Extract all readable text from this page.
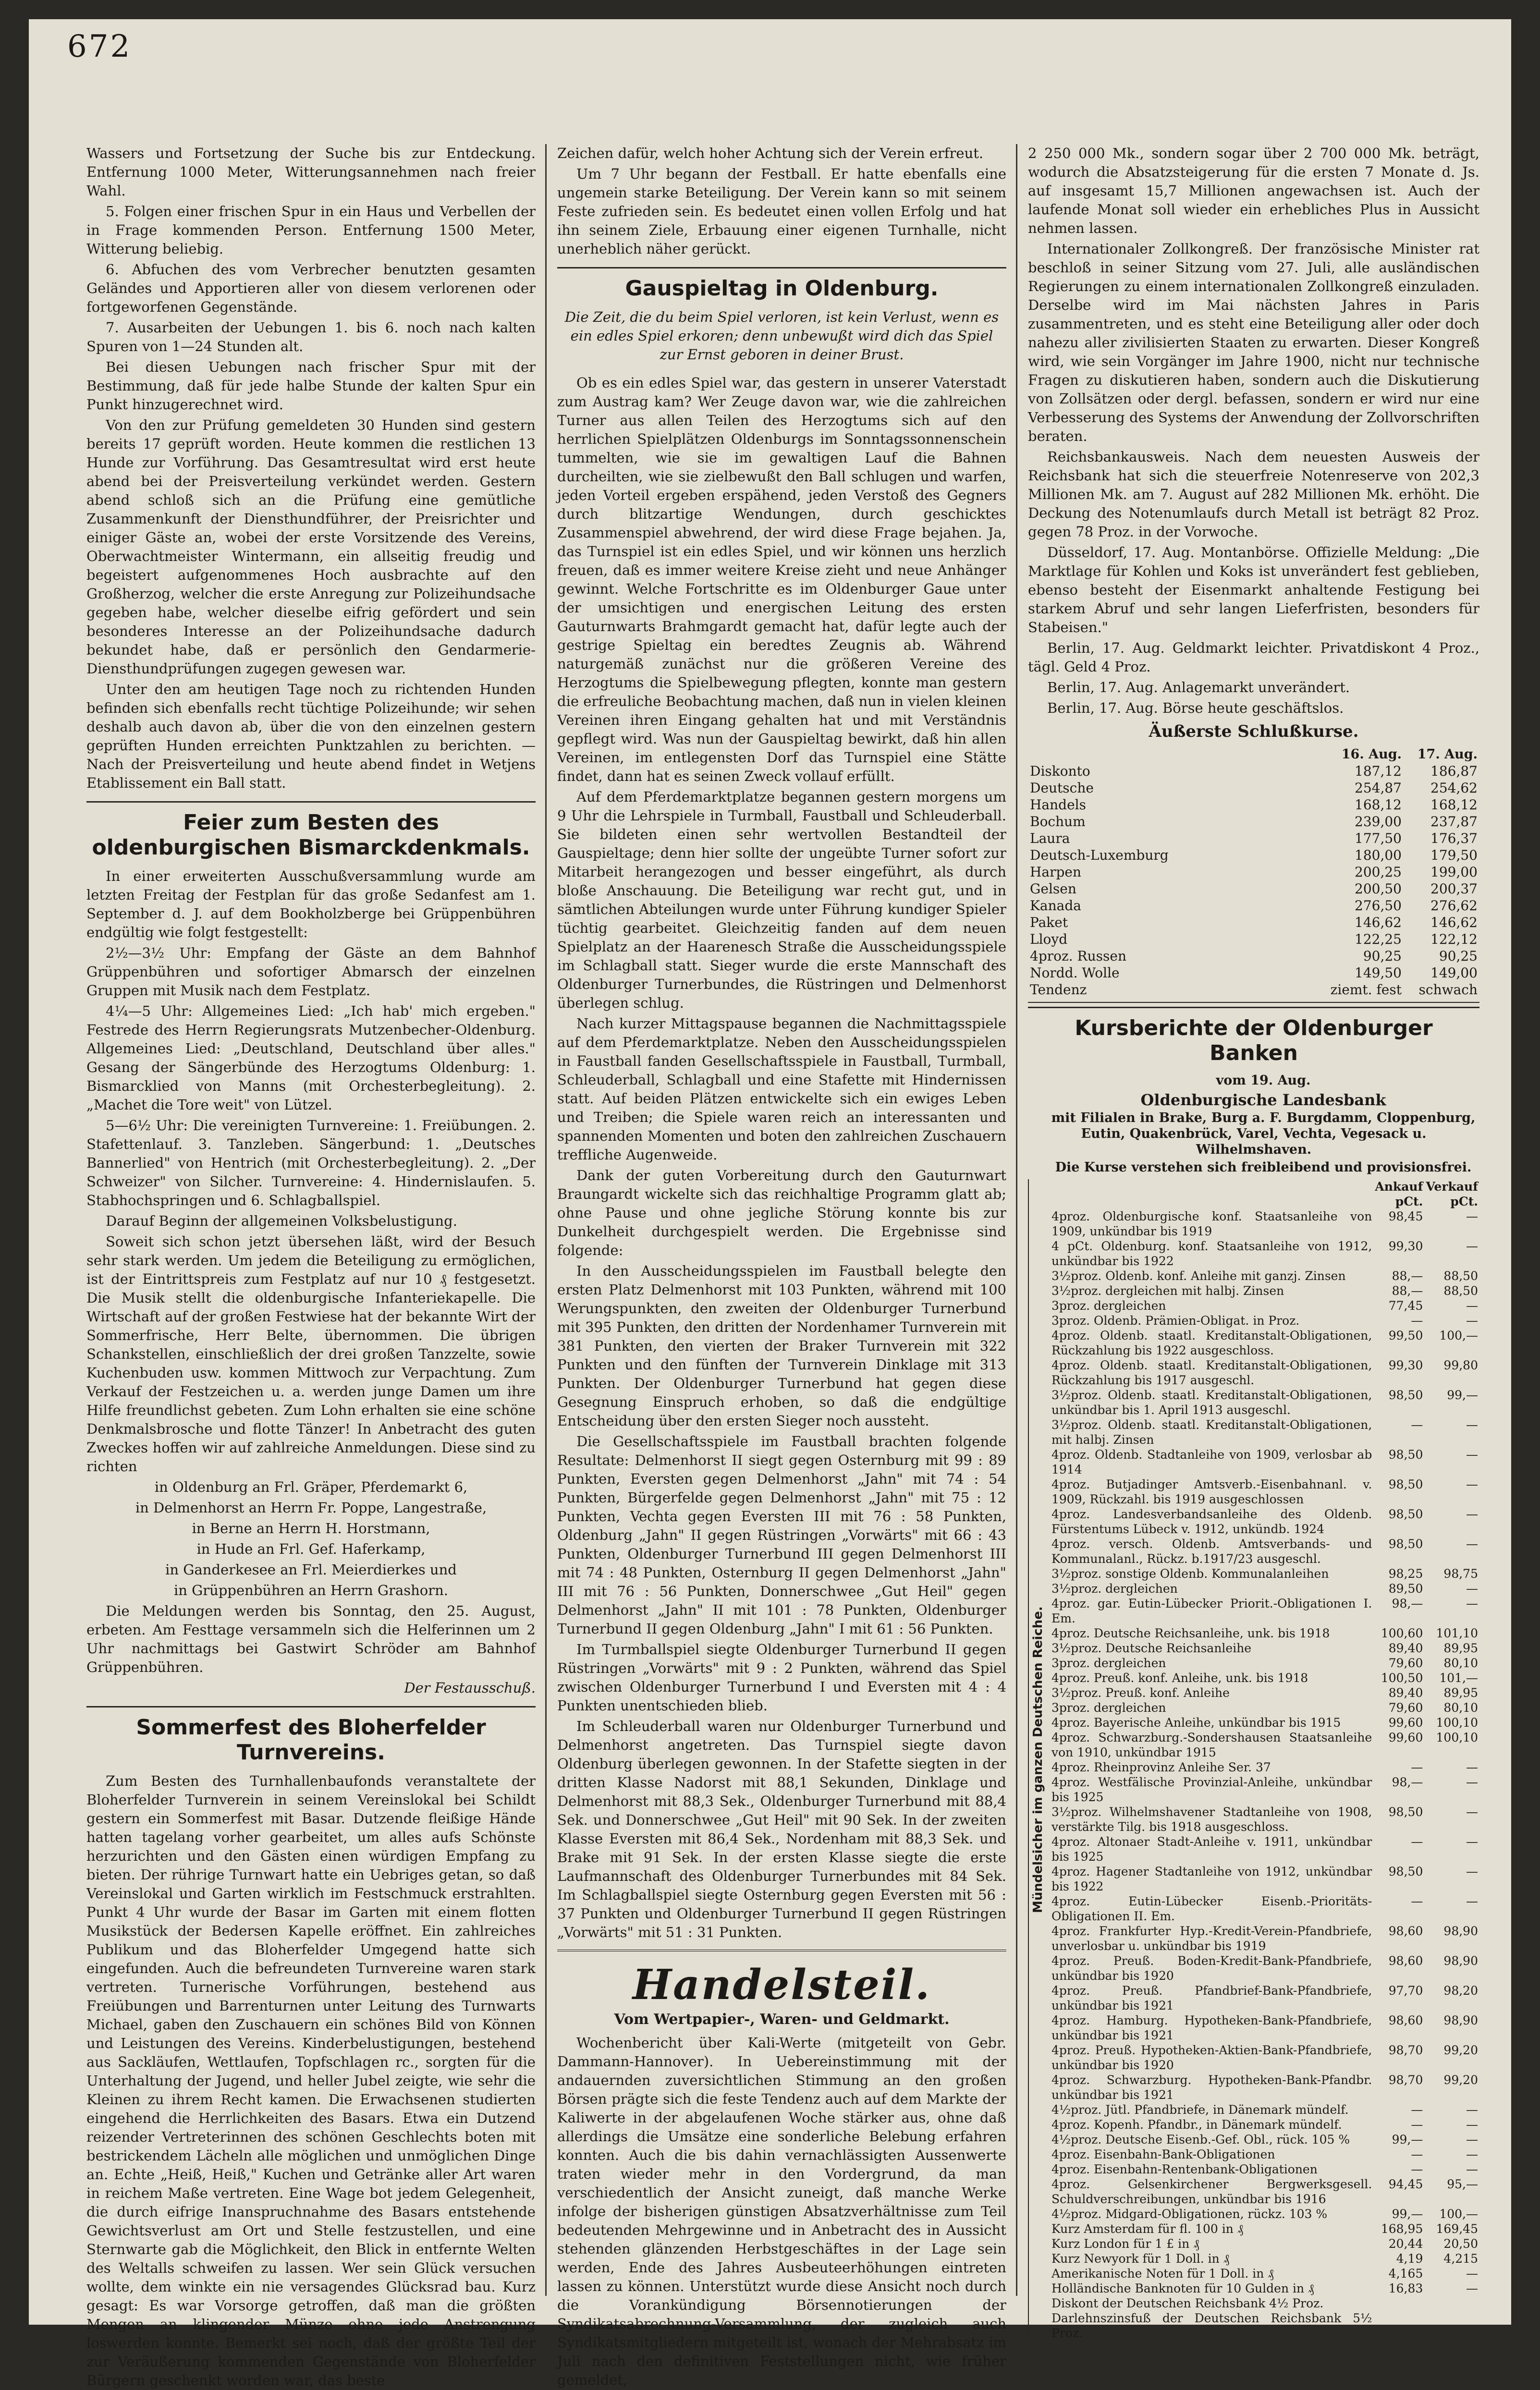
672

Wassers und Fortsetzung der Suche bis zur Entdeckung. Entfernung 1000 Meter, Witterungsannehmen nach freier Wahl.

5. Folgen einer frischen Spur in ein Haus und Verbellen der in Frage kommenden Person. Entfernung 1500 Meter, Witterung beliebig.

6. Abfuchen des vom Verbrecher benutzten gesamten Geländes und Apportieren aller von diesem verlorenen oder fortgeworfenen Gegenstände.

7. Ausarbeiten der Uebungen 1. bis 6. noch nach kalten Spuren von 1—24 Stunden alt.

Bei diesen Uebungen nach frischer Spur mit der Bestimmung, daß für jede halbe Stunde der kalten Spur ein Punkt hinzugerechnet wird.

Von den zur Prüfung gemeldeten 30 Hunden sind gestern bereits 17 geprüft worden. Heute kommen die restlichen 13 Hunde zur Vorführung. Das Gesamtresultat wird erst heute abend bei der Preisverteilung verkündet werden. Gestern abend schloß sich an die Prüfung eine gemütliche Zusammenkunft der Diensthundführer, der Preisrichter und einiger Gäste an, wobei der erste Vorsitzende des Vereins, Oberwachtmeister Wintermann, ein allseitig freudig und begeistert aufgenommenes Hoch ausbrachte auf den Großherzog, welcher die erste Anregung zur Polizeihundsache gegeben habe, welcher dieselbe eifrig gefördert und sein besonderes Interesse an der Polizeihundsache dadurch bekundet habe, daß er persönlich den Gendarmerie-Diensthundprüfungen zugegen gewesen war.

Unter den am heutigen Tage noch zu richtenden Hunden befinden sich ebenfalls recht tüchtige Polizeihunde; wir sehen deshalb auch davon ab, über die von den einzelnen gestern geprüften Hunden erreichten Punktzahlen zu berichten. — Nach der Preisverteilung und heute abend findet in Wetjens Etablissement ein Ball statt.

Feier zum Besten des oldenburgischen Bismarckdenkmals.

In einer erweiterten Ausschußversammlung wurde am letzten Freitag der Festplan für das große Sedanfest am 1. September d. J. auf dem Bookholzberge bei Grüppenbühren endgültig wie folgt festgestellt:

2½—3½ Uhr: Empfang der Gäste an dem Bahnhof Grüppenbühren und sofortiger Abmarsch der einzelnen Gruppen mit Musik nach dem Festplatz.

4¼—5 Uhr: Allgemeines Lied: „Ich hab' mich ergeben." Festrede des Herrn Regierungsrats Mutzenbecher-Oldenburg. Allgemeines Lied: „Deutschland, Deutschland über alles." Gesang der Sängerbünde des Herzogtums Oldenburg: 1. Bismarcklied von Manns (mit Orchesterbegleitung). 2. „Machet die Tore weit" von Lützel.

5—6½ Uhr: Die vereinigten Turnvereine: 1. Freiübungen. 2. Stafettenlauf. 3. Tanzleben. Sängerbund: 1. „Deutsches Bannerlied" von Hentrich (mit Orchesterbegleitung). 2. „Der Schweizer" von Silcher. Turnvereine: 4. Hindernislaufen. 5. Stabhochspringen und 6. Schlagballspiel.

Darauf Beginn der allgemeinen Volksbelustigung.

Soweit sich schon jetzt übersehen läßt, wird der Besuch sehr stark werden. Um jedem die Beteiligung zu ermöglichen, ist der Eintrittspreis zum Festplatz auf nur 10 ₰ festgesetzt. Die Musik stellt die oldenburgische Infanteriekapelle. Die Wirtschaft auf der großen Festwiese hat der bekannte Wirt der Sommerfrische, Herr Belte, übernommen. Die übrigen Schankstellen, einschließlich der drei großen Tanzzelte, sowie Kuchenbuden usw. kommen Mittwoch zur Verpachtung. Zum Verkauf der Festzeichen u. a. werden junge Damen um ihre Hilfe freundlichst gebeten. Zum Lohn erhalten sie eine schöne Denkmalsbrosche und flotte Tänzer! In Anbetracht des guten Zweckes hoffen wir auf zahlreiche Anmeldungen. Diese sind zu richten

in Oldenburg an Frl. Gräper, Pferdemarkt 6,

in Delmenhorst an Herrn Fr. Poppe, Langestraße,

in Berne an Herrn H. Horstmann,

in Hude an Frl. Gef. Haferkamp,

in Ganderkesee an Frl. Meierdierkes und

in Grüppenbühren an Herrn Grashorn.

Die Meldungen werden bis Sonntag, den 25. August, erbeten. Am Festtage versammeln sich die Helferinnen um 2 Uhr nachmittags bei Gastwirt Schröder am Bahnhof Grüppenbühren.

Der Festausschuß.
Sommerfest des Bloherfelder Turnvereins.

Zum Besten des Turnhallenbaufonds veranstaltete der Bloherfelder Turnverein in seinem Vereinslokal bei Schildt gestern ein Sommerfest mit Basar. Dutzende fleißige Hände hatten tagelang vorher gearbeitet, um alles aufs Schönste herzurichten und den Gästen einen würdigen Empfang zu bieten. Der rührige Turnwart hatte ein Uebriges getan, so daß Vereinslokal und Garten wirklich im Festschmuck erstrahlten. Punkt 4 Uhr wurde der Basar im Garten mit einem flotten Musikstück der Bedersen Kapelle eröffnet. Ein zahlreiches Publikum und das Bloherfelder Umgegend hatte sich eingefunden. Auch die befreundeten Turnvereine waren stark vertreten. Turnerische Vorführungen, bestehend aus Freiübungen und Barrenturnen unter Leitung des Turnwarts Michael, gaben den Zuschauern ein schönes Bild von Können und Leistungen des Vereins. Kinderbelustigungen, bestehend aus Sackläufen, Wettlaufen, Topfschlagen rc., sorgten für die Unterhaltung der Jugend, und heller Jubel zeigte, wie sehr die Kleinen zu ihrem Recht kamen. Die Erwachsenen studierten eingehend die Herrlichkeiten des Basars. Etwa ein Dutzend reizender Vertreterinnen des schönen Geschlechts boten mit bestrickendem Lächeln alle möglichen und unmöglichen Dinge an. Echte „Heiß, Heiß," Kuchen und Getränke aller Art waren in reichem Maße vertreten. Eine Wage bot jedem Gelegenheit, die durch eifrige Inanspruchnahme des Basars entstehende Gewichtsverlust am Ort und Stelle festzustellen, und eine Sternwarte gab die Möglichkeit, den Blick in entfernte Welten des Weltalls schweifen zu lassen. Wer sein Glück versuchen wollte, dem winkte ein nie versagendes Glücksrad bau. Kurz gesagt: Es war Vorsorge getroffen, daß man die größten Mengen an klingender Münze ohne jede Anstrengung loswerden konnte. Bemerkt sei noch, daß der größte Teil der zur Veräußerung kommenden Gegenstände von Bloherfelder Bürgern geschenkt worden war, das beste

Zeichen dafür, welch hoher Achtung sich der Verein erfreut.

Um 7 Uhr begann der Festball. Er hatte ebenfalls eine ungemein starke Beteiligung. Der Verein kann so mit seinem Feste zufrieden sein. Es bedeutet einen vollen Erfolg und hat ihn seinem Ziele, Erbauung einer eigenen Turnhalle, nicht unerheblich näher gerückt.

Gauspieltag in Oldenburg.

Die Zeit, die du beim Spiel verloren, ist kein Verlust, wenn es ein edles Spiel erkoren; denn unbewußt wird dich das Spiel zur Ernst geboren in deiner Brust.

Ob es ein edles Spiel war, das gestern in unserer Vaterstadt zum Austrag kam? Wer Zeuge davon war, wie die zahlreichen Turner aus allen Teilen des Herzogtums sich auf den herrlichen Spielplätzen Oldenburgs im Sonntagssonnenschein tummelten, wie sie im gewaltigen Lauf die Bahnen durcheilten, wie sie zielbewußt den Ball schlugen und warfen, jeden Vorteil ergeben erspähend, jeden Verstoß des Gegners durch blitzartige Wendungen, durch geschicktes Zusammenspiel abwehrend, der wird diese Frage bejahen. Ja, das Turnspiel ist ein edles Spiel, und wir können uns herzlich freuen, daß es immer weitere Kreise zieht und neue Anhänger gewinnt. Welche Fortschritte es im Oldenburger Gaue unter der umsichtigen und energischen Leitung des ersten Gauturnwarts Brahmgardt gemacht hat, dafür legte auch der gestrige Spieltag ein beredtes Zeugnis ab. Während naturgemäß zunächst nur die größeren Vereine des Herzogtums die Spielbewegung pflegten, konnte man gestern die erfreuliche Beobachtung machen, daß nun in vielen kleinen Vereinen ihren Eingang gehalten hat und mit Verständnis gepflegt wird. Was nun der Gauspieltag bewirkt, daß hin allen Vereinen, im entlegensten Dorf das Turnspiel eine Stätte findet, dann hat es seinen Zweck vollauf erfüllt.

Auf dem Pferdemarktplatze begannen gestern morgens um 9 Uhr die Lehrspiele in Turmball, Faustball und Schleuderball. Sie bildeten einen sehr wertvollen Bestandteil der Gauspieltage; denn hier sollte der ungeübte Turner sofort zur Mitarbeit herangezogen und besser eingeführt, als durch bloße Anschauung. Die Beteiligung war recht gut, und in sämtlichen Abteilungen wurde unter Führung kundiger Spieler tüchtig gearbeitet. Gleichzeitig fanden auf dem neuen Spielplatz an der Haarenesch Straße die Ausscheidungsspiele im Schlagball statt. Sieger wurde die erste Mannschaft des Oldenburger Turnerbundes, die Rüstringen und Delmenhorst überlegen schlug.

Nach kurzer Mittagspause begannen die Nachmittagsspiele auf dem Pferdemarktplatze. Neben den Ausscheidungsspielen in Faustball fanden Gesellschaftsspiele in Faustball, Turmball, Schleuderball, Schlagball und eine Stafette mit Hindernissen statt. Auf beiden Plätzen entwickelte sich ein ewiges Leben und Treiben; die Spiele waren reich an interessanten und spannenden Momenten und boten den zahlreichen Zuschauern treffliche Augenweide.

Dank der guten Vorbereitung durch den Gauturnwart Braungardt wickelte sich das reichhaltige Programm glatt ab; ohne Pause und ohne jegliche Störung konnte bis zur Dunkelheit durchgespielt werden. Die Ergebnisse sind folgende:

In den Ausscheidungsspielen im Faustball belegte den ersten Platz Delmenhorst mit 103 Punkten, während mit 100 Werungspunkten, den zweiten der Oldenburger Turnerbund mit 395 Punkten, den dritten der Nordenhamer Turnverein mit 381 Punkten, den vierten der Braker Turnverein mit 322 Punkten und den fünften der Turnverein Dinklage mit 313 Punkten. Der Oldenburger Turnerbund hat gegen diese Gesegnung Einspruch erhoben, so daß die endgültige Entscheidung über den ersten Sieger noch aussteht.

Die Gesellschaftsspiele im Faustball brachten folgende Resultate: Delmenhorst II siegt gegen Osternburg mit 99 : 89 Punkten, Eversten gegen Delmenhorst „Jahn" mit 74 : 54 Punkten, Bürgerfelde gegen Delmenhorst „Jahn" mit 75 : 12 Punkten, Vechta gegen Eversten III mit 76 : 58 Punkten, Oldenburg „Jahn" II gegen Rüstringen „Vorwärts" mit 66 : 43 Punkten, Oldenburger Turnerbund III gegen Delmenhorst III mit 74 : 48 Punkten, Osternburg II gegen Delmenhorst „Jahn" III mit 76 : 56 Punkten, Donnerschwee „Gut Heil" gegen Delmenhorst „Jahn" II mit 101 : 78 Punkten, Oldenburger Turnerbund II gegen Oldenburg „Jahn" I mit 61 : 56 Punkten.

Im Turmballspiel siegte Oldenburger Turnerbund II gegen Rüstringen „Vorwärts" mit 9 : 2 Punkten, während das Spiel zwischen Oldenburger Turnerbund I und Eversten mit 4 : 4 Punkten unentschieden blieb.

Im Schleuderball waren nur Oldenburger Turnerbund und Delmenhorst angetreten. Das Turnspiel siegte davon Oldenburg überlegen gewonnen. In der Stafette siegten in der dritten Klasse Nadorst mit 88,1 Sekunden, Dinklage und Delmenhorst mit 88,3 Sek., Oldenburger Turnerbund mit 88,4 Sek. und Donnerschwee „Gut Heil" mit 90 Sek. In der zweiten Klasse Eversten mit 86,4 Sek., Nordenham mit 88,3 Sek. und Brake mit 91 Sek. In der ersten Klasse siegte die erste Laufmannschaft des Oldenburger Turnerbundes mit 84 Sek. Im Schlagballspiel siegte Osternburg gegen Eversten mit 56 : 37 Punkten und Oldenburger Turnerbund II gegen Rüstringen „Vorwärts" mit 51 : 31 Punkten.

Handelsteil.
Vom Wertpapier-, Waren- und Geldmarkt.

Wochenbericht über Kali-Werte (mitgeteilt von Gebr. Dammann-Hannover). In Uebereinstimmung mit der andauernden zuversichtlichen Stimmung an den großen Börsen prägte sich die feste Tendenz auch auf dem Markte der Kaliwerte in der abgelaufenen Woche stärker aus, ohne daß allerdings die Umsätze eine sonderliche Belebung erfahren konnten. Auch die bis dahin vernachlässigten Aussenwerte traten wieder mehr in den Vordergrund, da man verschiedentlich der Ansicht zuneigt, daß manche Werke infolge der bisherigen günstigen Absatzverhältnisse zum Teil bedeutenden Mehrgewinne und in Anbetracht des in Aussicht stehenden glänzenden Herbstgeschäftes in der Lage sein werden, Ende des Jahres Ausbeuteerhöhungen eintreten lassen zu können. Unterstützt wurde diese Ansicht noch durch die Vorankündigung Börsennotierungen der Syndikatsabrechnung-Versammlung, der zugleich auch Syndikatsmitgliedern mitgeteilt ist, wonach der Mehrabsatz im Juli nach den definitiven Feststellungen nicht, wie früher gemeldet,

2 250 000 Mk., sondern sogar über 2 700 000 Mk. beträgt, wodurch die Absatzsteigerung für die ersten 7 Monate d. Js. auf insgesamt 15,7 Millionen angewachsen ist. Auch der laufende Monat soll wieder ein erhebliches Plus in Aussicht nehmen lassen.

Internationaler Zollkongreß. Der französische Minister rat beschloß in seiner Sitzung vom 27. Juli, alle ausländischen Regierungen zu einem internationalen Zollkongreß einzuladen. Derselbe wird im Mai nächsten Jahres in Paris zusammentreten, und es steht eine Beteiligung aller oder doch nahezu aller zivilisierten Staaten zu erwarten. Dieser Kongreß wird, wie sein Vorgänger im Jahre 1900, nicht nur technische Fragen zu diskutieren haben, sondern auch die Diskutierung von Zollsätzen oder dergl. befassen, sondern er wird nur eine Verbesserung des Systems der Anwendung der Zollvorschriften beraten.

Reichsbankausweis. Nach dem neuesten Ausweis der Reichsbank hat sich die steuerfreie Notenreserve von 202,3 Millionen Mk. am 7. August auf 282 Millionen Mk. erhöht. Die Deckung des Notenumlaufs durch Metall ist beträgt 82 Proz. gegen 78 Proz. in der Vorwoche.

Düsseldorf, 17. Aug. Montanbörse. Offizielle Meldung: „Die Marktlage für Kohlen und Koks ist unverändert fest geblieben, ebenso besteht der Eisenmarkt anhaltende Festigung bei starkem Abruf und sehr langen Lieferfristen, besonders für Stabeisen."

Berlin, 17. Aug. Geldmarkt leichter. Privatdiskont 4 Proz., tägl. Geld 4 Proz.

Berlin, 17. Aug. Anlagemarkt unverändert.

Berlin, 17. Aug. Börse heute geschäftslos.

Äußerste Schlußkurse.
	16. Aug.	17. Aug.
Diskonto	187,12	186,87
Deutsche	254,87	254,62
Handels	168,12	168,12
Bochum	239,00	237,87
Laura	177,50	176,37
Deutsch-Luxemburg	180,00	179,50
Harpen	200,25	199,00
Gelsen	200,50	200,37
Kanada	276,50	276,62
Paket	146,62	146,62
Lloyd	122,25	122,12
4proz. Russen	90,25	90,25
Nordd. Wolle	149,50	149,00
Tendenz	ziemt. fest	schwach
Kursberichte der Oldenburger Banken

vom 19. Aug.

Oldenburgische Landesbank

mit Filialen in Brake, Burg a. F. Burgdamm, Cloppenburg, Eutin, Quakenbrück, Varel, Vechta, Vegesack u. Wilhelmshaven.

Die Kurse verstehen sich freibleibend und provisionsfrei.

Mündelsicher im ganzen Deutschen Reiche.
	Ankauf pCt.	Verkauf pCt.
4proz. Oldenburgische konf. Staatsanleihe von 1909, unkündbar bis 1919	98,45	—
4 pCt. Oldenburg. konf. Staatsanleihe von 1912, unkündbar bis 1922	99,30	—
3½proz. Oldenb. konf. Anleihe mit ganzj. Zinsen	88,—	88,50
3½proz. dergleichen mit halbj. Zinsen	88,—	88,50
3proz. dergleichen	77,45	—
3proz. Oldenb. Prämien-Obligat. in Proz.	—	—
4proz. Oldenb. staatl. Kreditanstalt-Obligationen, Rückzahlung bis 1922 ausgeschloss.	99,50	100,—
4proz. Oldenb. staatl. Kreditanstalt-Obligationen, Rückzahlung bis 1917 ausgeschl.	99,30	99,80
3½proz. Oldenb. staatl. Kreditanstalt-Obligationen, unkündbar bis 1. April 1913 ausgeschl.	98,50	99,—
3½proz. Oldenb. staatl. Kreditanstalt-Obligationen, mit halbj. Zinsen	—	—
4proz. Oldenb. Stadtanleihe von 1909, verlosbar ab 1914	98,50	—
4proz. Butjadinger Amtsverb.-Eisenbahnanl. v. 1909, Rückzahl. bis 1919 ausgeschlossen	98,50	—
4proz. Landesverbandsanleihe des Oldenb. Fürstentums Lübeck v. 1912, unkündb. 1924	98,50	—
4proz. versch. Oldenb. Amtsverbands- und Kommunalanl., Rückz. b.1917/23 ausgeschl.	98,50	—
3½proz. sonstige Oldenb. Kommunalanleihen	98,25	98,75
3½proz. dergleichen	89,50	—
4proz. gar. Eutin-Lübecker Priorit.-Obligationen I. Em.	98,—	—
4proz. Deutsche Reichsanleihe, unk. bis 1918	100,60	101,10
3½proz. Deutsche Reichsanleihe	89,40	89,95
3proz. dergleichen	79,60	80,10
4proz. Preuß. konf. Anleihe, unk. bis 1918	100,50	101,—
3½proz. Preuß. konf. Anleihe	89,40	89,95
3proz. dergleichen	79,60	80,10
4proz. Bayerische Anleihe, unkündbar bis 1915	99,60	100,10
4proz. Schwarzburg.-Sondershausen Staatsanleihe von 1910, unkündbar 1915	99,60	100,10
4proz. Rheinprovinz Anleihe Ser. 37	—	—
4proz. Westfälische Provinzial-Anleihe, unkündbar bis 1925	98,—	—
3½proz. Wilhelmshavener Stadtanleihe von 1908, verstärkte Tilg. bis 1918 ausgeschloss.	98,50	—
4proz. Altonaer Stadt-Anleihe v. 1911, unkündbar bis 1925	—	—
4proz. Hagener Stadtanleihe von 1912, unkündbar bis 1922	98,50	—
4proz. Eutin-Lübecker Eisenb.-Prioritäts-Obligationen II. Em.	—	—
4proz. Frankfurter Hyp.-Kredit-Verein-Pfandbriefe, unverlosbar u. unkündbar bis 1919	98,60	98,90
4proz. Preuß. Boden-Kredit-Bank-Pfandbriefe, unkündbar bis 1920	98,60	98,90
4proz. Preuß. Pfandbrief-Bank-Pfandbriefe, unkündbar bis 1921	97,70	98,20
4proz. Hamburg. Hypotheken-Bank-Pfandbriefe, unkündbar bis 1921	98,60	98,90
4proz. Preuß. Hypotheken-Aktien-Bank-Pfandbriefe, unkündbar bis 1920	98,70	99,20
4proz. Schwarzburg. Hypotheken-Bank-Pfandbr. unkündbar bis 1921	98,70	99,20
4½proz. Jütl. Pfandbriefe, in Dänemark mündelf.	—	—
4proz. Kopenh. Pfandbr., in Dänemark mündelf.	—	—
4½proz. Deutsche Eisenb.-Gef. Obl., rück. 105 %	99,—	—
4proz. Eisenbahn-Bank-Obligationen	—	—
4proz. Eisenbahn-Rentenbank-Obligationen	—	—
4proz. Gelsenkirchener Bergwerksgesell. Schuldverschreibungen, unkündbar bis 1916	94,45	95,—
4½proz. Midgard-Obligationen, rückz. 103 %	99,—	100,—
Kurz Amsterdam für fl. 100 in ₰	168,95	169,45
Kurz London für 1 £ in ₰	20,44	20,50
Kurz Newyork für 1 Doll. in ₰	4,19	4,215
Amerikanische Noten für 1 Doll. in ₰	4,165	—
Holländische Banknoten für 10 Gulden in ₰	16,83	—
Diskont der Deutschen Reichsbank 4½ Proz.		
Darlehnszinsfuß der Deutschen Reichsbank 5½ Proz.		
